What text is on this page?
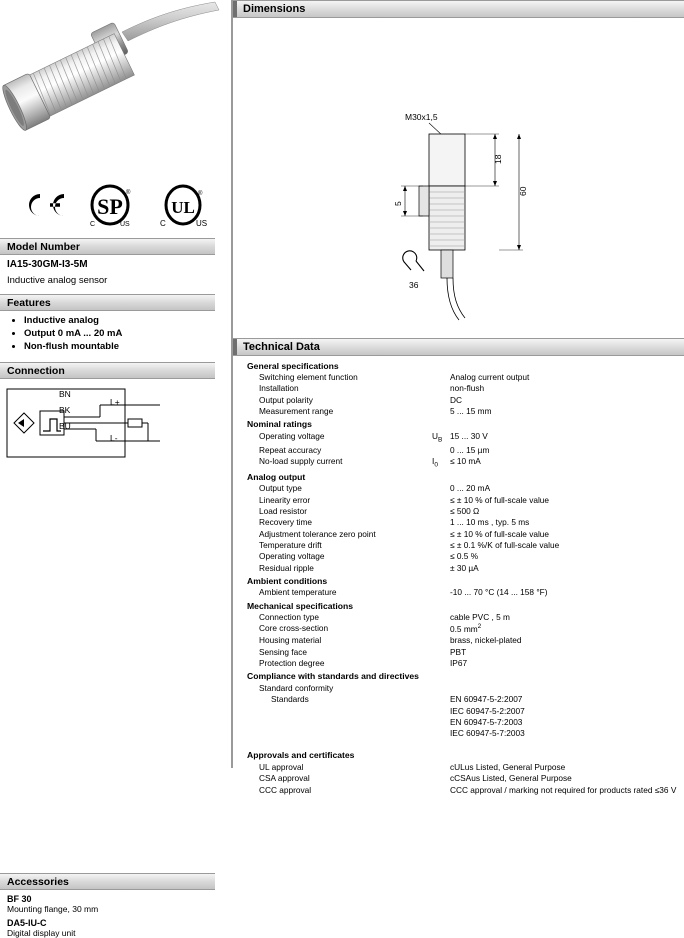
SP
C	US
®
UL
C	US
®
Model Number
IA15-30GM-I3-5M
Inductive analog sensor
Features
• Inductive analog
• Output 0 mA ... 20 mA
• Non-flush mountable
Connection
BN
BK
BU
L+
L-
Accessories
BF 30
Mounting flange, 30 mm
DA5-IU-C
Digital display unit
Dimensions
M30x1,5
18
60
5
36
Technical Data
	General specifications		
	Switching element function		Analog current output
	Installation		non-flush
	Output polarity		DC
	Measurement range		5 ... 15 mm
	Nominal ratings		
	Operating voltage	$U_B$	15 ... 30 V
	Repeat accuracy		0 ... 15 µm
	No-load supply current	$I_0$	≤ 10 mA
	Analog output		
	Output type		0 ... 20 mA
	Linearity error		≤ ± 10 % of full-scale value
	Load resistor		≤ 500 Ω
	Recovery time		1 ... 10 ms , typ. 5 ms
	Adjustment tolerance zero point		≤ ± 10 % of full-scale value
	Temperature drift		≤ ± 0.1 %/K of full-scale value
	Operating voltage		≤ 0.5 %
	Residual ripple		± 30 µA
	Ambient conditions		
	Ambient temperature		-10 ... 70 °C (14 ... 158 °F)
	Mechanical specifications		
	Connection type		cable PVC , 5 m
	Core cross-section		0.5 $mm^2$
	Housing material		brass, nickel-plated
	Sensing face		PBT
	Protection degree		IP67
	Compliance with standards and directives		
	Standard conformity		
	Standards		EN 60947-5-2:2007
			IEC 60947-5-2:2007
			EN 60947-5-7:2003
			IEC 60947-5-7:2003

	Approvals and certificates		
	UL approval		cULus Listed, General Purpose
	CSA approval		cCSAus Listed, General Purpose
	CCC approval		CCC approval / marking not required for products rated ≤36 V
